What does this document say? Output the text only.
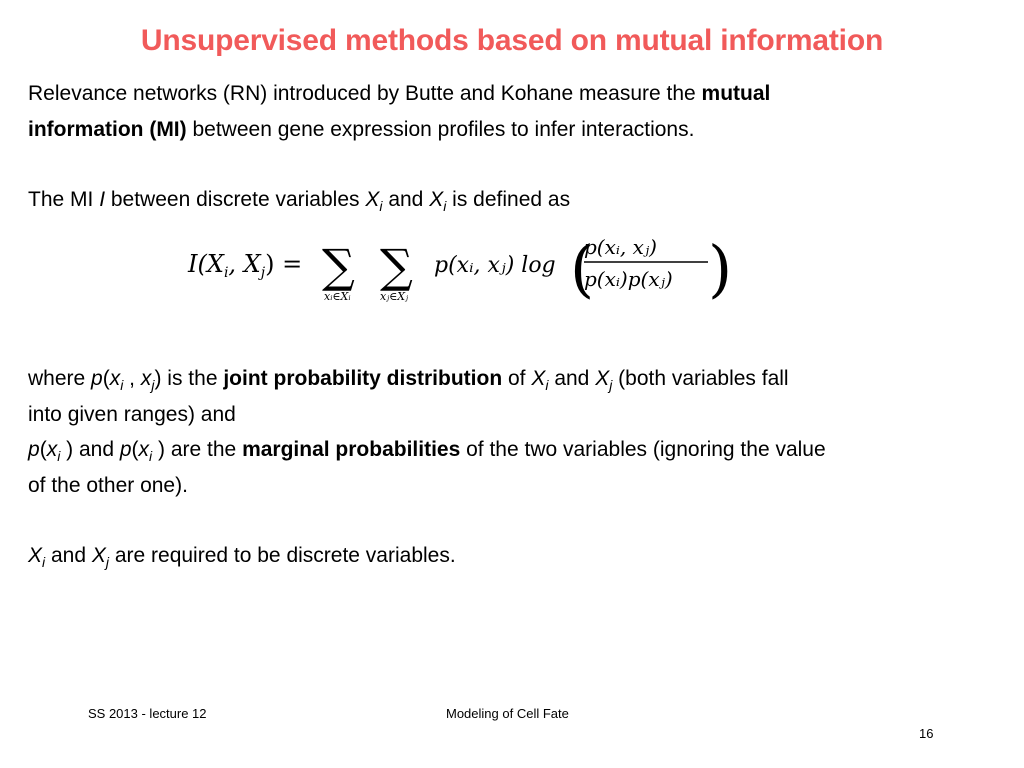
Unsupervised methods based on mutual information
Relevance networks (RN) introduced by Butte and Kohane measure the mutual
information (MI) between gene expression profiles to infer interactions.
The MI I between discrete variables $X_i$ and $X_i$ is defined as
$I(X_i$, $X_j$) = ∑
xᵢ∈Xᵢ
∑
xⱼ∈Xⱼ
p(xᵢ, xⱼ) log (
p(xᵢ, xⱼ)
p(xᵢ)p(xⱼ) )
where $p(x_i$ , $x_j$) is the joint probability distribution of $X_i$ and $X_j$ (both variables fall
into given ranges) and
$p(x_i$ ) and $p(x_i$ ) are the marginal probabilities of the two variables (ignoring the value
of the other one).
$X_i$ and $X_j$ are required to be discrete variables.
SS 2013 - lecture 12	Modeling of Cell Fate
16
